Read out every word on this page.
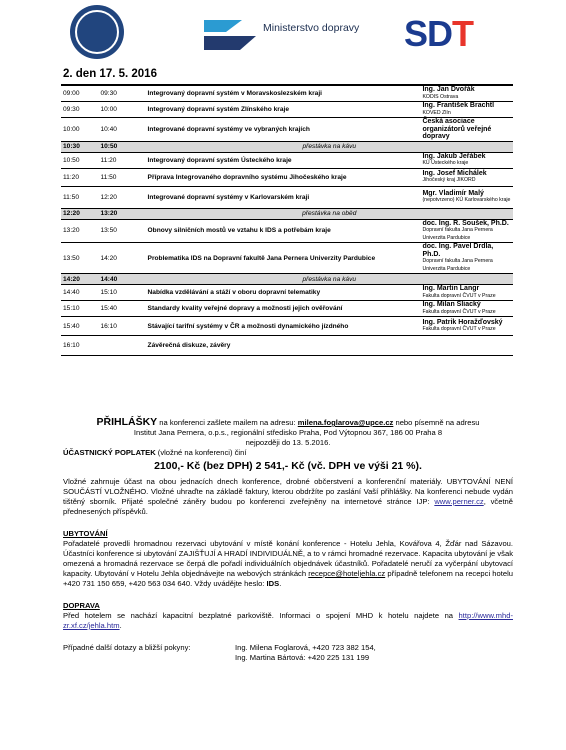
Ministerstvo dopravy SDT
2. den 17. 5. 2016
09:00	09:30	Integrovaný dopravní systém v Moravskoslezském kraji	Ing. Jan Dvořák
KODIS Ostrava

09:30	10:00	Integrovaný dopravní systém Zlínského kraje	Ing. František Brachtl
KOVED Zlín

10:00	10:40	Integrované dopravní systémy ve vybraných krajích	Česká asociace organizátorů veřejné dopravy

10:30	10:50	přestávka na kávu	
10:50	11:20	Integrovaný dopravní systém Ústeckého kraje	Ing. Jakub Jeřábek
KÚ Ústeckého kraje

11:20	11:50	Příprava Integrovaného dopravního systému Jihočeského kraje	Ing. Josef Michálek
Jihočeský kraj JIKORD

11:50	12:20	Integrované dopravní systémy v Karlovarském kraji	Mgr. Vladimír Malý
(nepotvrzeno) KÚ Karlovarského kraje

12:20	13:20	přestávka na oběd	
13:20	13:50	Obnovy silničních mostů ve vztahu k IDS a potřebám kraje	doc. Ing. R. Soušek, Ph.D.
Dopravní fakulta Jana Pernera Univerzita Pardubice

13:50	14:20	Problematika IDS na Dopravní fakultě Jana Pernera Univerzity Pardubice	doc. Ing. Pavel Drdla, Ph.D.
Dopravní fakulta Jana Pernera Univerzita Pardubice

14:20	14:40	přestávka na kávu	
14:40	15:10	Nabídka vzdělávání a stáží v oboru dopravní telematiky	Ing. Martin Langr
Fakulta dopravní ČVUT v Praze

15:10	15:40	Standardy kvality veřejné dopravy a možnosti jejich ověřování	Ing. Milan Sliacký
Fakulta dopravní ČVUT v Praze

15:40	16:10	Stávající tarifní systémy v ČR a možnosti dynamického jízdného	Ing. Patrik Horažďovský
Fakulta dopravní ČVUT v Praze

16:10		Závěrečná diskuze, závěry	

PŘIHLÁŠKY na konferenci zašlete mailem na adresu: milena.foglarova@upce.cz nebo písemně na adresu

Institut Jana Pernera, o.p.s., regionální středisko Praha, Pod Výtopnou 367, 186 00 Praha 8

nejpozději do 13. 5.2016.

ÚČASTNICKÝ POPLATEK (vložné na konferenci) činí

2100,- Kč (bez DPH) 2 541,- Kč (vč. DPH ve výši 21 %).

Vložné zahrnuje účast na obou jednacích dnech konference, drobné občerstvení a konferenční materiály. UBYTOVÁNÍ NENÍ SOUČÁSTÍ VLOŽNÉHO. Vložné uhraďte na základě faktury, kterou obdržíte po zaslání Vaší přihlášky. Na konferenci nebude vydán tištěný sborník. Přijaté společné záněry budou po konferenci zveřejněny na internetové stránce IJP: www.perner.cz, včetně přednesených příspěvků.

UBYTOVÁNÍ

Pořadatelé provedli hromadnou rezervaci ubytování v místě konání konference - Hotelu Jehla, Kovářova 4, Žďár nad Sázavou. Účastníci konference si ubytování ZAJIŠŤUJÍ A HRADÍ INDIVIDUÁLNĚ, a to v rámci hromadné rezervace. Kapacita ubytování je však omezená a hromadná rezervace se čerpá dle pořadí individuálních objednávek účastníků. Pořadatelé neručí za vyčerpání ubytovací kapacity. Ubytování v Hotelu Jehla objednávejte na webových stránkách recepce@hoteljehla.cz případně telefonem na recepci hotelu +420 731 150 659, +420 563 034 640. Vždy uvádějte heslo: IDS.

DOPRAVA

Před hotelem se nachází kapacitní bezplatné parkoviště. Informaci o spojení MHD k hotelu najdete na http://www.mhd-zr.xf.cz/jehla.htm.

Případné další dotazy a bližší pokyny:	Ing. Milena Foglarová, +420 723 382 154,

Ing. Martina Bártová: +420 225 131 199
